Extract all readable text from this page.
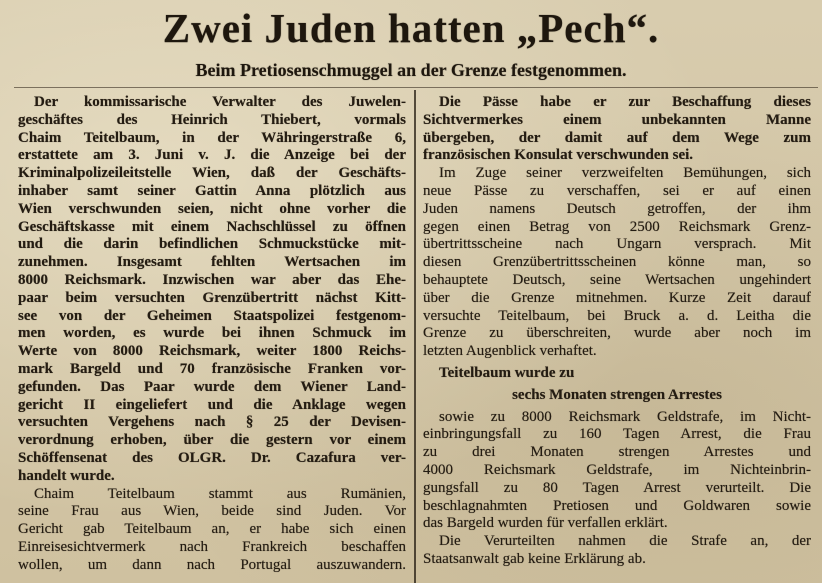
Zwei Juden hatten „Pech“.
Beim Pretiosenschmuggel an der Grenze festgenommen.
Der kommissarische Verwalter des Juwelen-
geschäftes des Heinrich Thiebert, vormals
Chaim Teitelbaum, in der Währingerstraße 6,
erstattete am 3. Juni v. J. die Anzeige bei der
Kriminalpolizeileitstelle Wien, daß der Geschäfts-
inhaber samt seiner Gattin Anna plötzlich aus
Wien verschwunden seien, nicht ohne vorher die
Geschäftskasse mit einem Nachschlüssel zu öffnen
und die darin befindlichen Schmuckstücke mit-
zunehmen. Insgesamt fehlten Wertsachen im
8000 Reichsmark. Inzwischen war aber das Ehe-
paar beim versuchten Grenzübertritt nächst Kitt-
see von der Geheimen Staatspolizei festgenom-
men worden, es wurde bei ihnen Schmuck im
Werte von 8000 Reichsmark, weiter 1800 Reichs-
mark Bargeld und 70 französische Franken vor-
gefunden. Das Paar wurde dem Wiener Land-
gericht II eingeliefert und die Anklage wegen
versuchten Vergehens nach § 25 der Devisen-
verordnung erhoben, über die gestern vor einem
Schöffensenat des OLGR. Dr. Cazafura ver-
handelt wurde.
Chaim Teitelbaum stammt aus Rumänien,
seine Frau aus Wien, beide sind Juden. Vor
Gericht gab Teitelbaum an, er habe sich einen
Einreisesichtvermerk nach Frankreich beschaffen
wollen, um dann nach Portugal auszuwandern.
Die Pässe habe er zur Beschaffung dieses
Sichtvermerkes einem unbekannten Manne
übergeben, der damit auf dem Wege zum
französischen Konsulat verschwunden sei.
Im Zuge seiner verzweifelten Bemühungen, sich
neue Pässe zu verschaffen, sei er auf einen
Juden namens Deutsch getroffen, der ihm
gegen einen Betrag von 2500 Reichsmark Grenz-
übertrittsscheine nach Ungarn versprach. Mit
diesen Grenzübertrittsscheinen könne man, so
behauptete Deutsch, seine Wertsachen ungehindert
über die Grenze mitnehmen. Kurze Zeit darauf
versuchte Teitelbaum, bei Bruck a. d. Leitha die
Grenze zu überschreiten, wurde aber noch im
letzten Augenblick verhaftet.
Teitelbaum wurde zu
sechs Monaten strengen Arrestes
sowie zu 8000 Reichsmark Geldstrafe, im Nicht-
einbringungsfall zu 160 Tagen Arrest, die Frau
zu drei Monaten strengen Arrestes und
4000 Reichsmark Geldstrafe, im Nichteinbrin-
gungsfall zu 80 Tagen Arrest verurteilt. Die
beschlagnahmten Pretiosen und Goldwaren sowie
das Bargeld wurden für verfallen erklärt.
Die Verurteilten nahmen die Strafe an, der
Staatsanwalt gab keine Erklärung ab.
